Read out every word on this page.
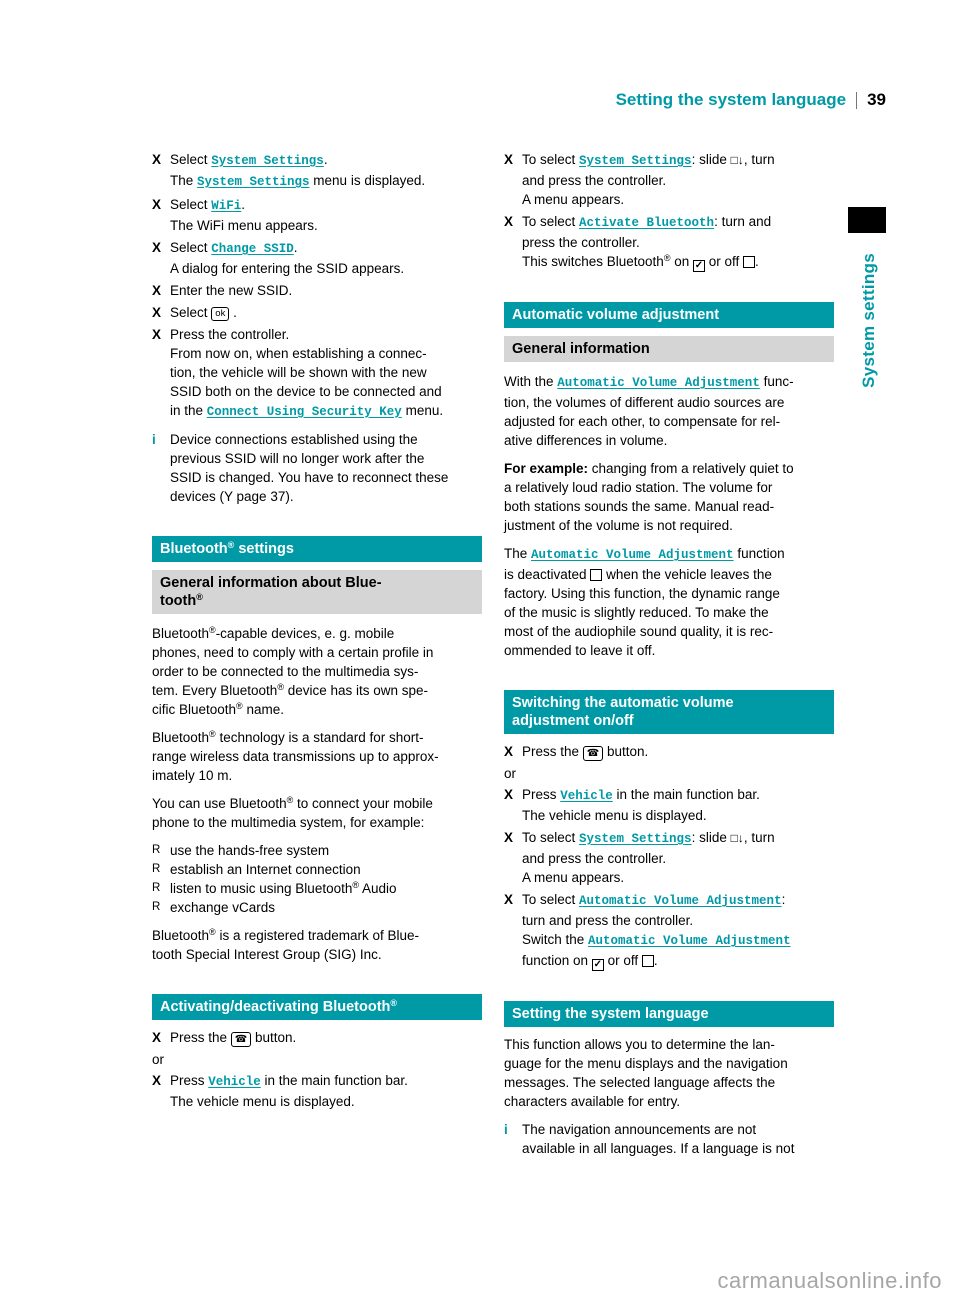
Setting the system language 39
System settings
X Select System Settings.
The System Settings menu is displayed.
X Select WiFi.
The WiFi menu appears.
X Select Change SSID.
A dialog for entering the SSID appears.
X Enter the new SSID.
X Select ok .
X Press the controller.
From now on, when establishing a connec-
tion, the vehicle will be shown with the new
SSID both on the device to be connected and
in the Connect Using Security Key menu.
i	Device connections established using the
previous SSID will no longer work after the
SSID is changed. You have to reconnect these
devices (Y page 37).
Bluetooth® settings
General information about Blue-
tooth®
Bluetooth®-capable devices, e. g. mobile
phones, need to comply with a certain profile in
order to be connected to the multimedia sys-
tem. Every Bluetooth® device has its own spe-
cific Bluetooth® name.
Bluetooth® technology is a standard for short-
range wireless data transmissions up to approx-
imately 10 m.
You can use Bluetooth® to connect your mobile
phone to the multimedia system, for example:
R use the hands-free system
R establish an Internet connection
R listen to music using Bluetooth® Audio
R exchange vCards
Bluetooth® is a registered trademark of Blue-
tooth Special Interest Group (SIG) Inc.
Activating/deactivating Bluetooth®
X Press the ☎ button.
or
X Press Vehicle in the main function bar.
The vehicle menu is displayed.
X To select System Settings: slide □ ↓, turn
and press the controller.
A menu appears.
X To select Activate Bluetooth: turn and
press the controller.
This switches Bluetooth® on ✓ or off .
Automatic volume adjustment
General information
With the Automatic Volume Adjustment func-
tion, the volumes of different audio sources are
adjusted for each other, to compensate for rel-
ative differences in volume.
For example: changing from a relatively quiet to
a relatively loud radio station. The volume for
both stations sounds the same. Manual read-
justment of the volume is not required.
The Automatic Volume Adjustment function
is deactivated  when the vehicle leaves the
factory. Using this function, the dynamic range
of the music is slightly reduced. To make the
most of the audiophile sound quality, it is rec-
ommended to leave it off.
Switching the automatic volume
adjustment on/off
X Press the ☎ button.
or
X Press Vehicle in the main function bar.
The vehicle menu is displayed.
X To select System Settings: slide □ ↓, turn
and press the controller.
A menu appears.
X To select Automatic Volume Adjustment:
turn and press the controller.
Switch the Automatic Volume Adjustment
function on ✓ or off .
Setting the system language
This function allows you to determine the lan-
guage for the menu displays and the navigation
messages. The selected language affects the
characters available for entry.
i	The navigation announcements are not
available in all languages. If a language is not
carmanualsonline.info
